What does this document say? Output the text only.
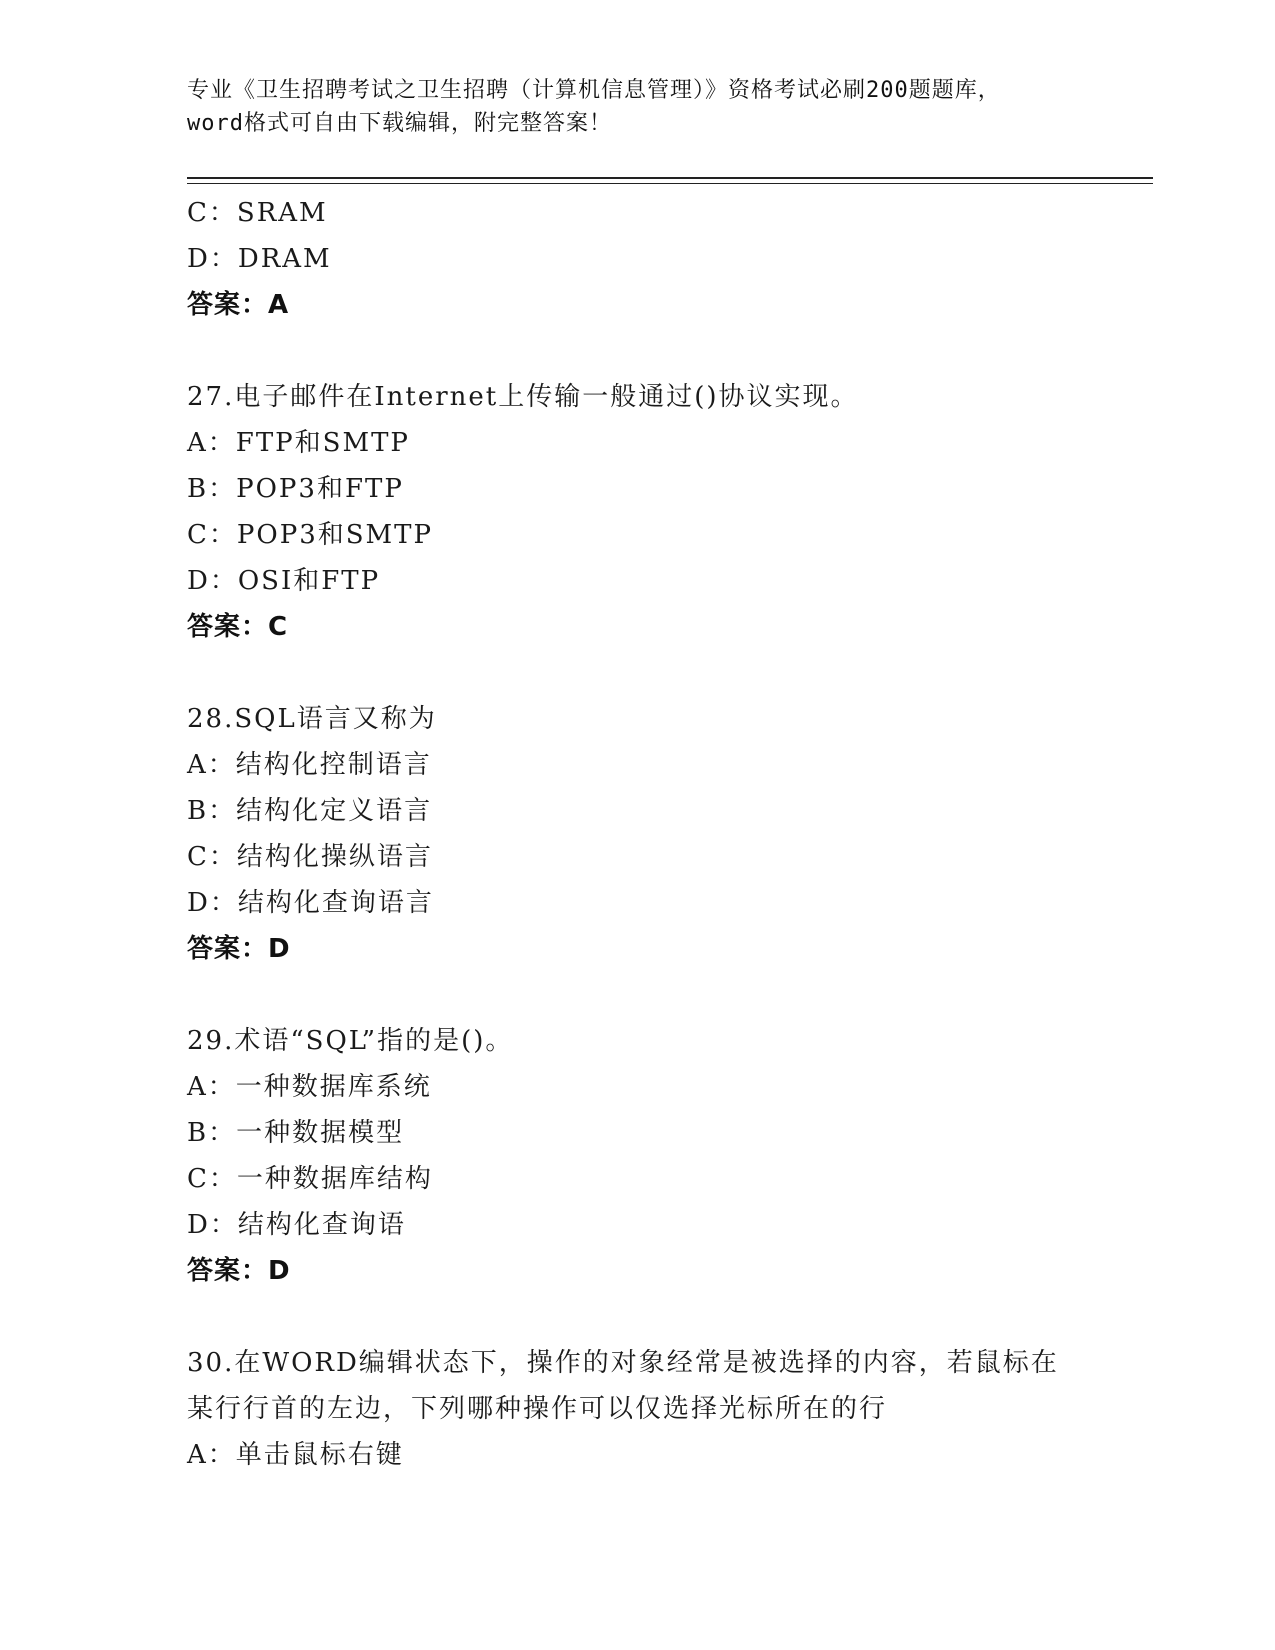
专业《卫生招聘考试之卫生招聘（计算机信息管理）》资格考试必刷200题题库，
word格式可自由下载编辑，附完整答案！
C：SRAM
D：DRAM
答案：A
27.电子邮件在Internet上传输一般通过()协议实现。
A：FTP和SMTP
B：POP3和FTP
C：POP3和SMTP
D：OSI和FTP
答案：C
28.SQL语言又称为
A：结构化控制语言
B：结构化定义语言
C：结构化操纵语言
D：结构化查询语言
答案：D
29.术语“SQL”指的是()。
A：一种数据库系统
B：一种数据模型
C：一种数据库结构
D：结构化查询语
答案：D
30.在WORD编辑状态下，操作的对象经常是被选择的内容，若鼠标在
某行行首的左边，下列哪种操作可以仅选择光标所在的行
A：单击鼠标右键
